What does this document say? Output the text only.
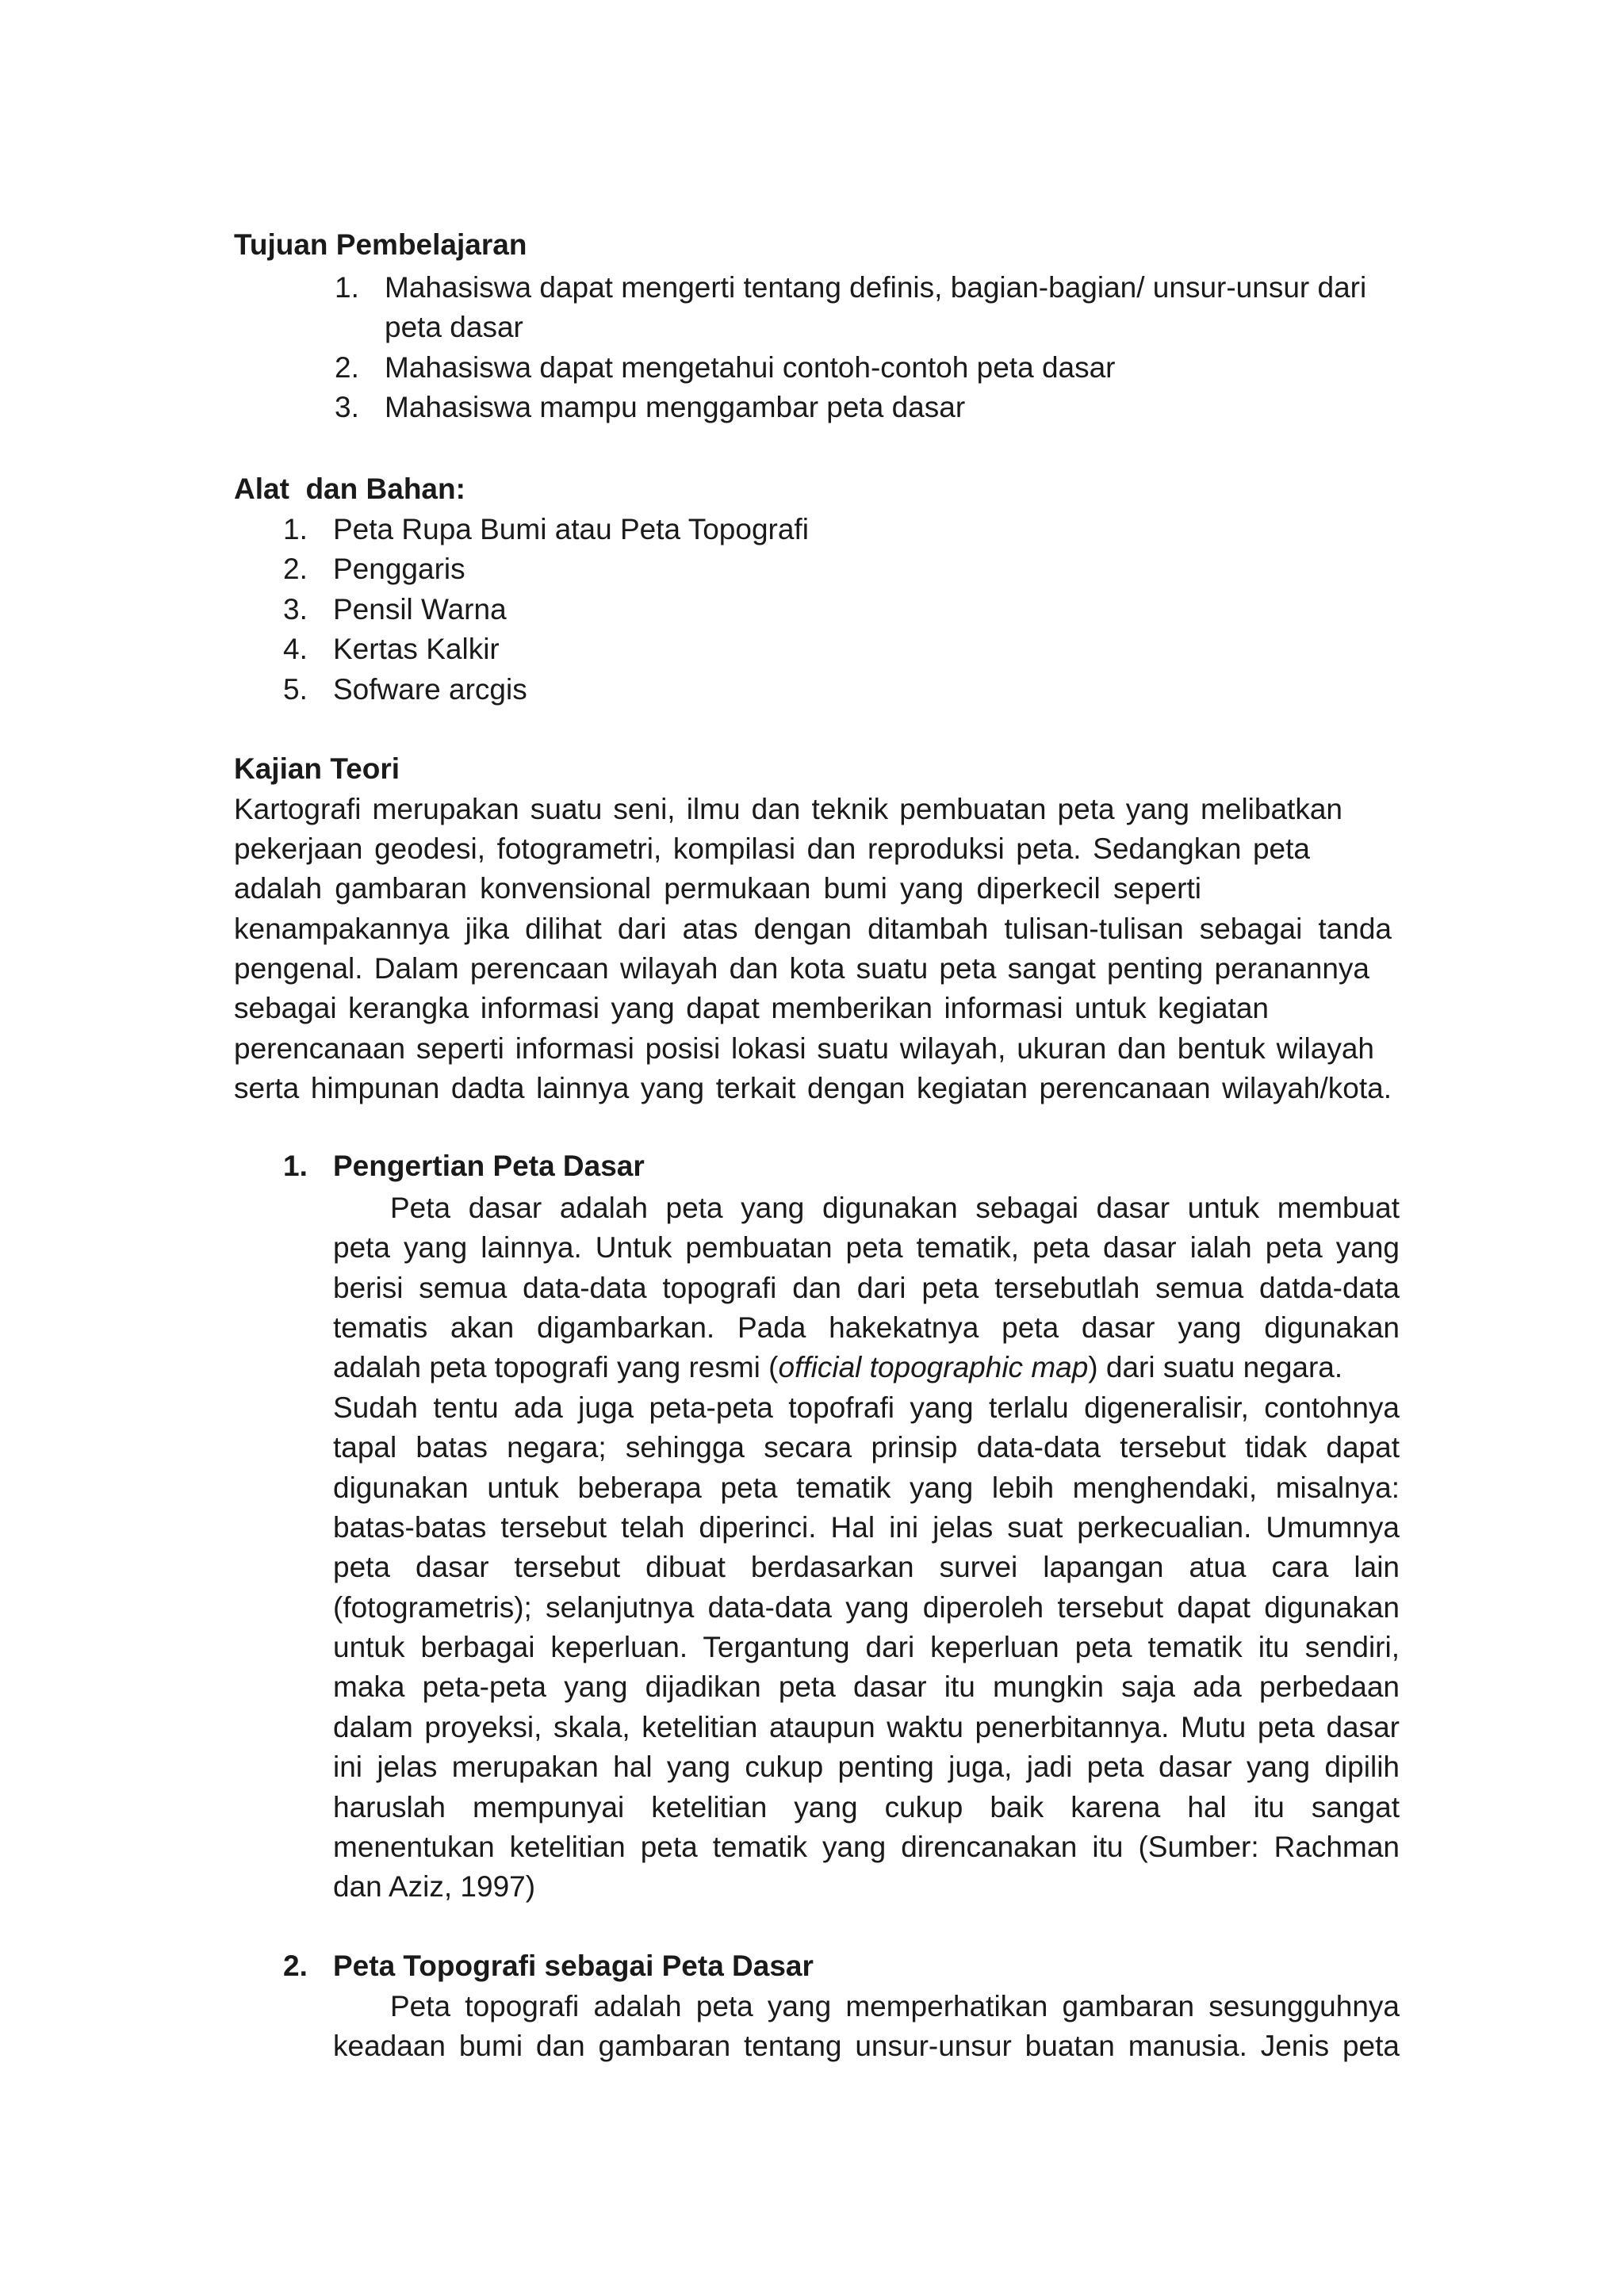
Tujuan Pembelajaran
1. Mahasiswa dapat mengerti tentang definis, bagian-bagian/ unsur-unsur dari
peta dasar
2. Mahasiswa dapat mengetahui contoh-contoh peta dasar
3. Mahasiswa mampu menggambar peta dasar
Alat  dan Bahan:
1. Peta Rupa Bumi atau Peta Topografi
2. Penggaris
3. Pensil Warna
4. Kertas Kalkir
5. Sofware arcgis
Kajian Teori
Kartografi merupakan suatu seni, ilmu dan teknik pembuatan peta yang melibatkan
pekerjaan geodesi, fotogrametri, kompilasi dan reproduksi peta. Sedangkan peta
adalah gambaran konvensional permukaan bumi yang diperkecil seperti
kenampakannya jika dilihat dari atas dengan ditambah tulisan-tulisan sebagai tanda
pengenal. Dalam perencaan wilayah dan kota suatu peta sangat penting peranannya
sebagai kerangka informasi yang dapat memberikan informasi untuk kegiatan
perencanaan seperti informasi posisi lokasi suatu wilayah, ukuran dan bentuk wilayah
serta himpunan dadta lainnya yang terkait dengan kegiatan perencanaan wilayah/kota.
1. Pengertian Peta Dasar
Peta dasar adalah peta yang digunakan sebagai dasar untuk membuat
peta yang lainnya. Untuk pembuatan peta tematik, peta dasar ialah peta yang
berisi semua data-data topografi dan dari peta tersebutlah semua datda-data
tematis akan digambarkan. Pada hakekatnya peta dasar yang digunakan
adalah peta topografi yang resmi (official topographic map) dari suatu negara.
Sudah tentu ada juga peta-peta topofrafi yang terlalu digeneralisir, contohnya
tapal batas negara; sehingga secara prinsip data-data tersebut tidak dapat
digunakan untuk beberapa peta tematik yang lebih menghendaki, misalnya:
batas-batas tersebut telah diperinci. Hal ini jelas suat perkecualian. Umumnya
peta dasar tersebut dibuat berdasarkan survei lapangan atua cara lain
(fotogrametris); selanjutnya data-data yang diperoleh tersebut dapat digunakan
untuk berbagai keperluan. Tergantung dari keperluan peta tematik itu sendiri,
maka peta-peta yang dijadikan peta dasar itu mungkin saja ada perbedaan
dalam proyeksi, skala, ketelitian ataupun waktu penerbitannya. Mutu peta dasar
ini jelas merupakan hal yang cukup penting juga, jadi peta dasar yang dipilih
haruslah mempunyai ketelitian yang cukup baik karena hal itu sangat
menentukan ketelitian peta tematik yang direncanakan itu (Sumber: Rachman
dan Aziz, 1997)
2. Peta Topografi sebagai Peta Dasar
Peta topografi adalah peta yang memperhatikan gambaran sesungguhnya
keadaan bumi dan gambaran tentang unsur-unsur buatan manusia. Jenis peta
